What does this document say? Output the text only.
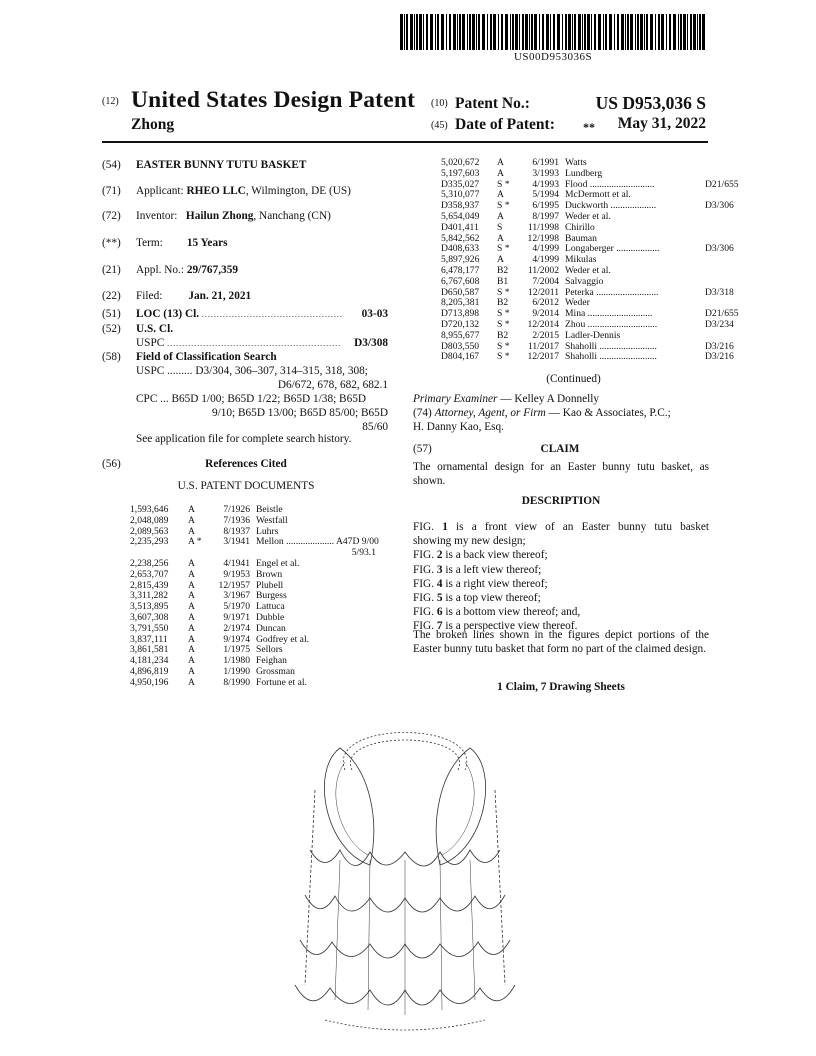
US00D953036S
(12) United States Design Patent
Zhong
(10) Patent No.:	US D953,036 S
(45) Date of Patent: **	May 31, 2022
(54) EASTER BUNNY TUTU BASKET
(71) Applicant: RHEO LLC, Wilmington, DE (US)
(72) Inventor: Hailun Zhong, Nanchang (CN)
(**) Term: 15 Years
(21) Appl. No.: 29/767,359
(22) Filed: Jan. 21, 2021
(51) LOC (13) Cl. ............................................... 03-03
(52) U.S. Cl.
USPC .......................................................... D3/308
(58) Field of Classification Search
USPC ......... D3/304, 306–307, 314–315, 318, 308;
D6/672, 678, 682, 682.1
CPC ... B65D 1/00; B65D 1/22; B65D 1/38; B65D
9/10; B65D 13/00; B65D 85/00; B65D
85/60
See application file for complete search history.
(56)	References Cited
U.S. PATENT DOCUMENTS
1,593,646 A	7/1926 Beistle
2,048,089 A	7/1936 Westfall
2,089,563 A	8/1937 Luhrs
2,235,293 A * 3/1941 Mellon .................... A47D 9/00
5/93.1
2,238,256 A	4/1941 Engel et al.
2,653,707 A	9/1953 Brown
2,815,439 A 12/1957 Plubell
3,311,282 A	3/1967 Burgess
3,513,895 A	5/1970 Lattuca
3,607,308 A	9/1971 Dubble
3,791,550 A	2/1974 Duncan
3,837,111 A	9/1974 Godfrey et al.
3,861,581 A	1/1975 Sellors
4,181,234 A	1/1980 Feighan
4,896,819 A	1/1990 Grossman
4,950,196 A	8/1990 Fortune et al.
5,020,672 A	6/1991 Watts
5,197,603 A	3/1993 Lundberg
D335,027 S * 4/1993 Flood ...........................	D21/655
5,310,077 A	5/1994 McDermott et al.
D358,937 S * 6/1995 Duckworth ...................	D3/306
5,654,049 A	8/1997 Weder et al.
D401,411 S	11/1998 Chirillo
5,842,562 A 12/1998 Bauman
D408,633 S * 4/1999 Longaberger ..................	D3/306
5,897,926 A	4/1999 Mikulas
6,478,177 B2 11/2002 Weder et al.
6,767,608 B1	7/2004 Salvaggio
D650,587 S * 12/2011 Peterka ..........................	D3/318
8,205,381 B2	6/2012 Weder
D713,898 S * 9/2014 Mina ...........................	D21/655
D720,132 S * 12/2014 Zhou .............................	D3/234
8,955,677 B2	2/2015 Ladler-Dennis
D803,550 S * 11/2017 Shaholli ........................	D3/216
D804,167 S * 12/2017 Shaholli ........................	D3/216
(Continued)
Primary Examiner — Kelley A Donnelly
(74) Attorney, Agent, or Firm — Kao & Associates, P.C.;
H. Danny Kao, Esq.
(57)	CLAIM
The ornamental design for an Easter bunny tutu basket, as shown.
DESCRIPTION
FIG. 1 is a front view of an Easter bunny tutu basket
showing my new design;
FIG. 2 is a back view thereof;
FIG. 3 is a left view thereof;
FIG. 4 is a right view thereof;
FIG. 5 is a top view thereof;
FIG. 6 is a bottom view thereof; and,
FIG. 7 is a perspective view thereof.
The broken lines shown in the figures depict portions of the Easter bunny tutu basket that form no part of the claimed design.
1 Claim, 7 Drawing Sheets
